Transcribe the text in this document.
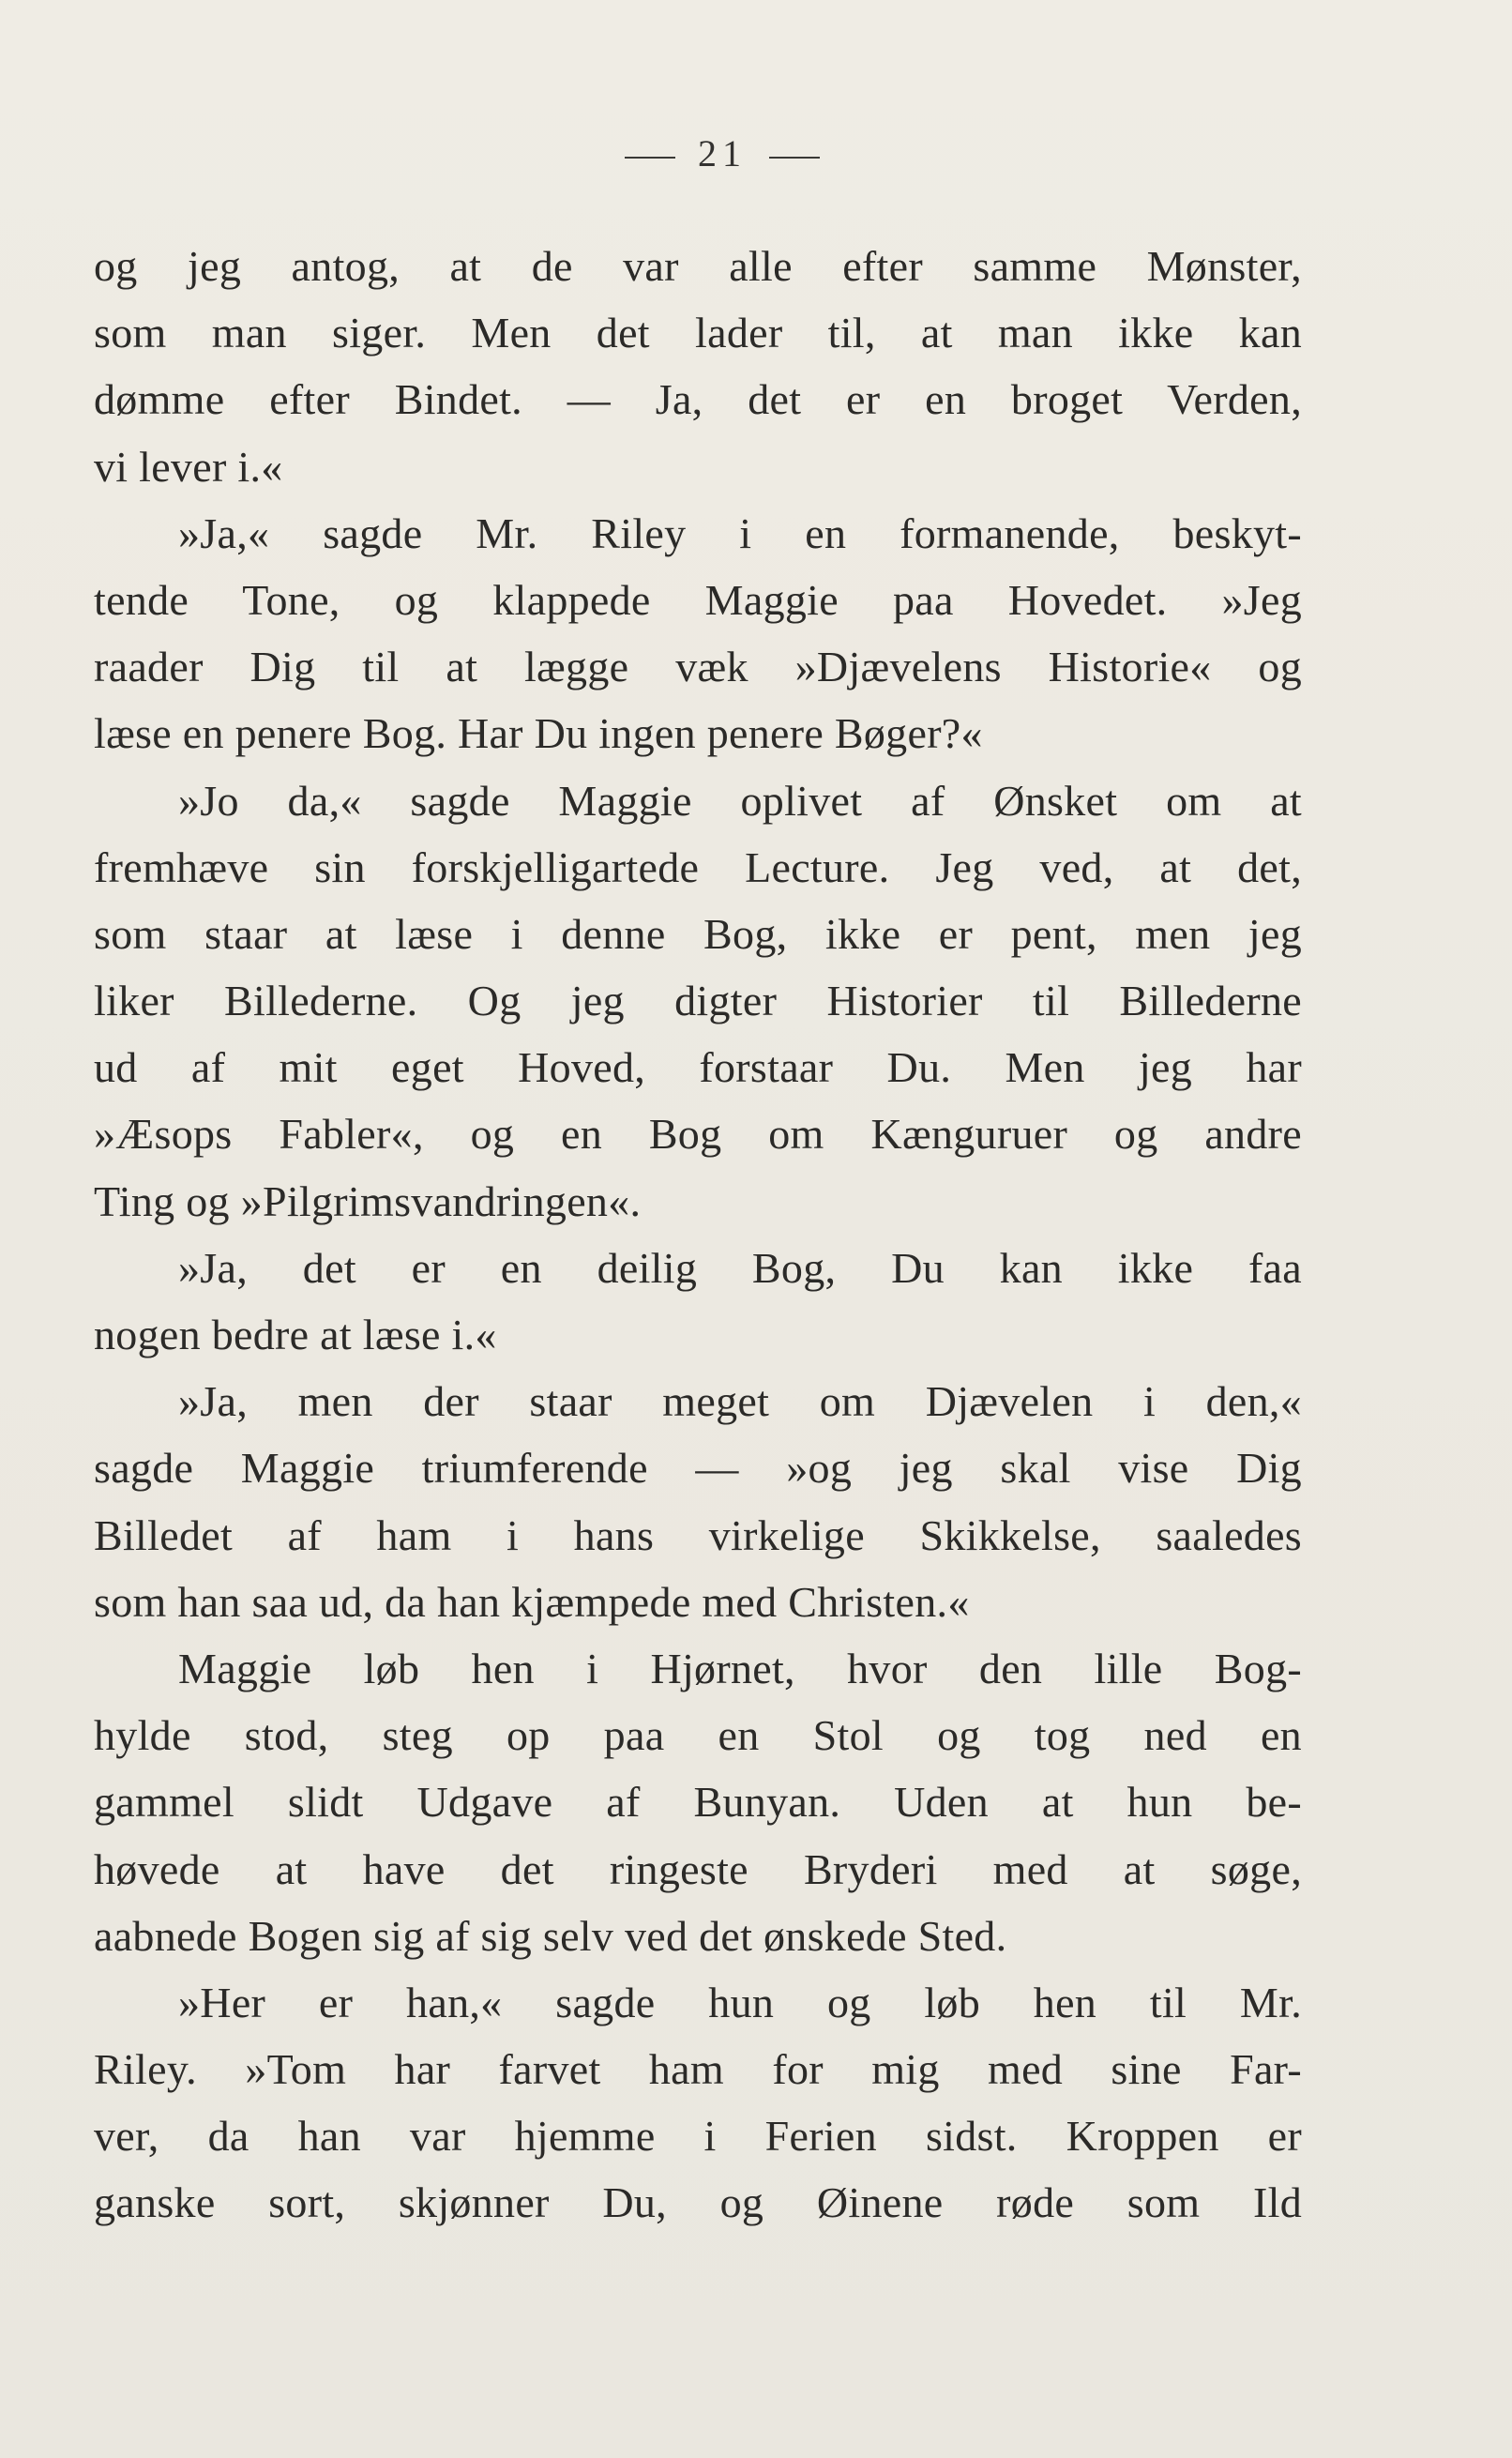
21
og jeg antog, at de var alle efter samme Mønster,
som man siger. Men det lader til, at man ikke kan
dømme efter Bindet. — Ja, det er en broget Verden,
vi lever i.«
»Ja,« sagde Mr. Riley i en formanende, beskyt-
tende Tone, og klappede Maggie paa Hovedet. »Jeg
raader Dig til at lægge væk »Djævelens Historie« og
læse en penere Bog. Har Du ingen penere Bøger?«
»Jo da,« sagde Maggie oplivet af Ønsket om at
fremhæve sin forskjelligartede Lecture. Jeg ved, at det,
som staar at læse i denne Bog, ikke er pent, men jeg
liker Billederne. Og jeg digter Historier til Billederne
ud af mit eget Hoved, forstaar Du. Men jeg har
»Æsops Fabler«, og en Bog om Kænguruer og andre
Ting og »Pilgrimsvandringen«.
»Ja, det er en deilig Bog, Du kan ikke faa
nogen bedre at læse i.«
»Ja, men der staar meget om Djævelen i den,«
sagde Maggie triumferende — »og jeg skal vise Dig
Billedet af ham i hans virkelige Skikkelse, saaledes
som han saa ud, da han kjæmpede med Christen.«
Maggie løb hen i Hjørnet, hvor den lille Bog-
hylde stod, steg op paa en Stol og tog ned en
gammel slidt Udgave af Bunyan. Uden at hun be-
høvede at have det ringeste Bryderi med at søge,
aabnede Bogen sig af sig selv ved det ønskede Sted.
»Her er han,« sagde hun og løb hen til Mr.
Riley. »Tom har farvet ham for mig med sine Far-
ver, da han var hjemme i Ferien sidst. Kroppen er
ganske sort, skjønner Du, og Øinene røde som Ild
